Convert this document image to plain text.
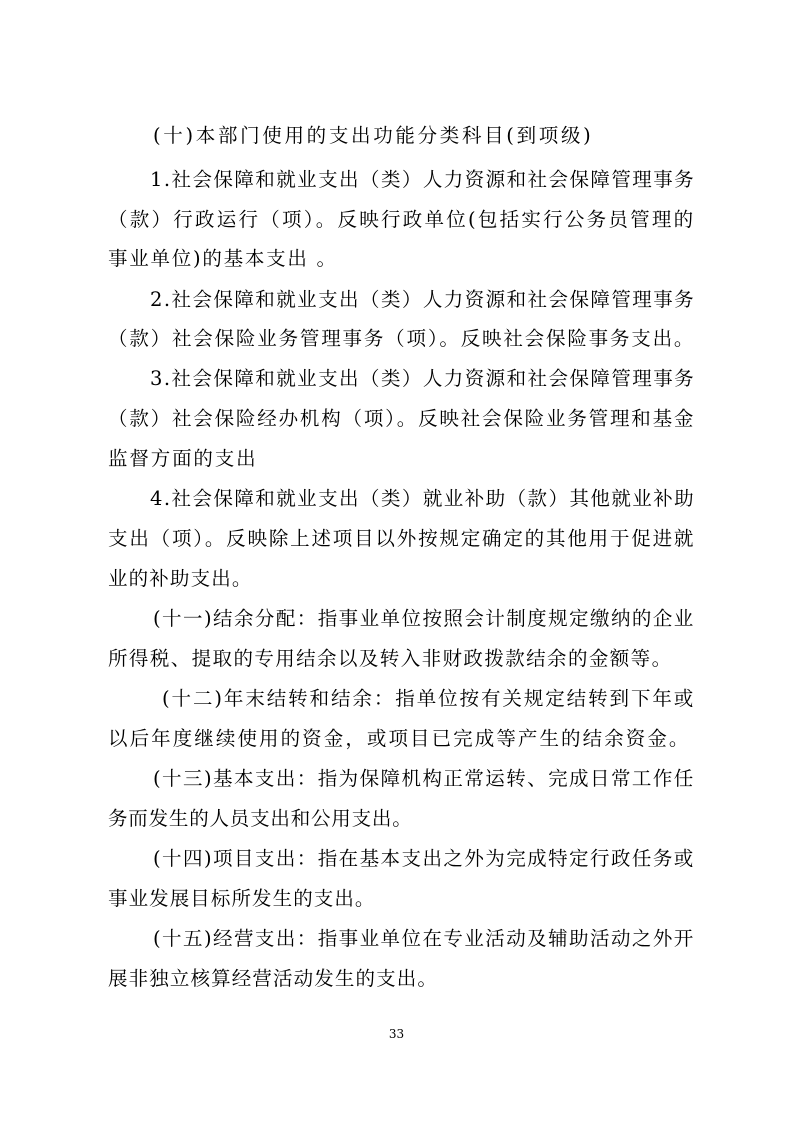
(十)本部门使用的支出功能分类科目(到项级)
1.社会保障和就业支出（类）人力资源和社会保障管理事务
（款）行政运行（项）。反映行政单位(包括实行公务员管理的
事业单位)的基本支出 。
2.社会保障和就业支出（类）人力资源和社会保障管理事务
（款）社会保险业务管理事务（项）。反映社会保险事务支出。
3.社会保障和就业支出（类）人力资源和社会保障管理事务
（款）社会保险经办机构（项）。反映社会保险业务管理和基金
监督方面的支出
4.社会保障和就业支出（类）就业补助（款）其他就业补助
支出（项）。反映除上述项目以外按规定确定的其他用于促进就
业的补助支出。
(十一)结余分配：指事业单位按照会计制度规定缴纳的企业
所得税、提取的专用结余以及转入非财政拨款结余的金额等。
(十二)年末结转和结余：指单位按有关规定结转到下年或
以后年度继续使用的资金，或项目已完成等产生的结余资金。
(十三)基本支出：指为保障机构正常运转、完成日常工作任
务而发生的人员支出和公用支出。
(十四)项目支出：指在基本支出之外为完成特定行政任务或
事业发展目标所发生的支出。
(十五)经营支出：指事业单位在专业活动及辅助活动之外开
展非独立核算经营活动发生的支出。
33
